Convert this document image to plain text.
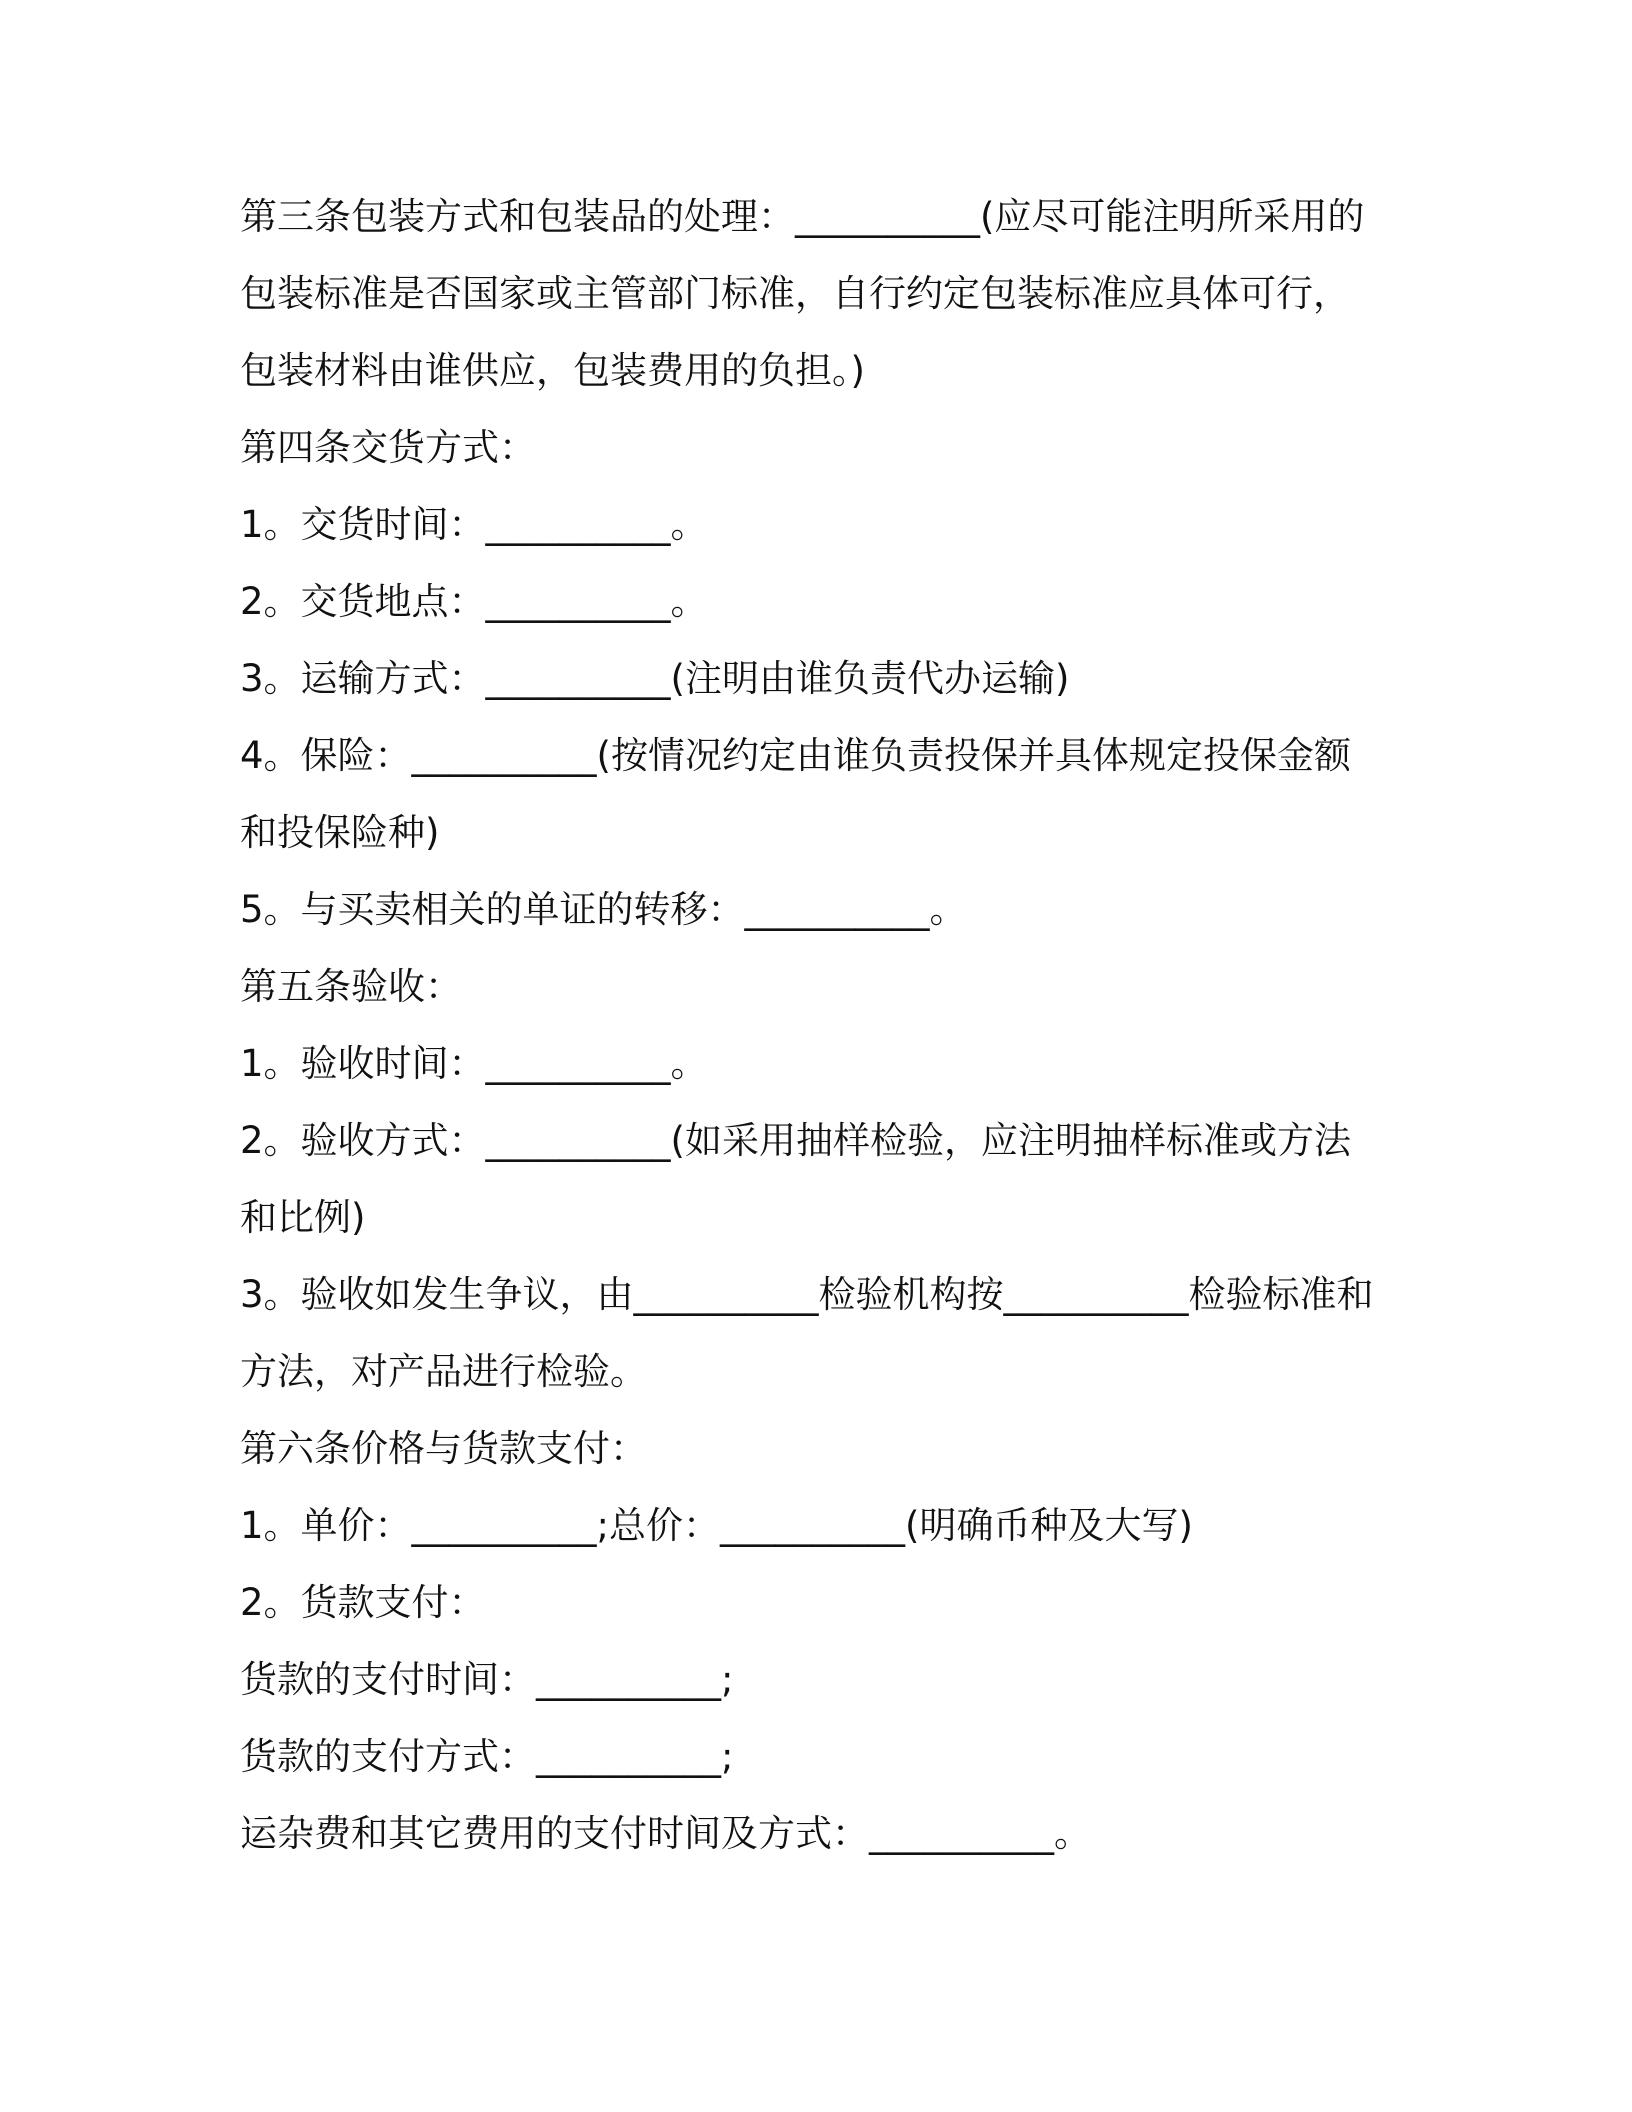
第三条包装方式和包装品的处理：__________(应尽可能注明所采用的
包装标准是否国家或主管部门标准，自行约定包装标准应具体可行，
包装材料由谁供应，包装费用的负担。)
第四条交货方式：
1。交货时间：__________。
2。交货地点：__________。
3。运输方式：__________(注明由谁负责代办运输)
4。保险：__________(按情况约定由谁负责投保并具体规定投保金额
和投保险种)
5。与买卖相关的单证的转移：__________。
第五条验收：
1。验收时间：__________。
2。验收方式：__________(如采用抽样检验，应注明抽样标准或方法
和比例)
3。验收如发生争议，由__________检验机构按__________检验标准和
方法，对产品进行检验。
第六条价格与货款支付：
1。单价：__________;总价：__________(明确币种及大写)
2。货款支付：
货款的支付时间：__________;
货款的支付方式：__________;
运杂费和其它费用的支付时间及方式：__________。
